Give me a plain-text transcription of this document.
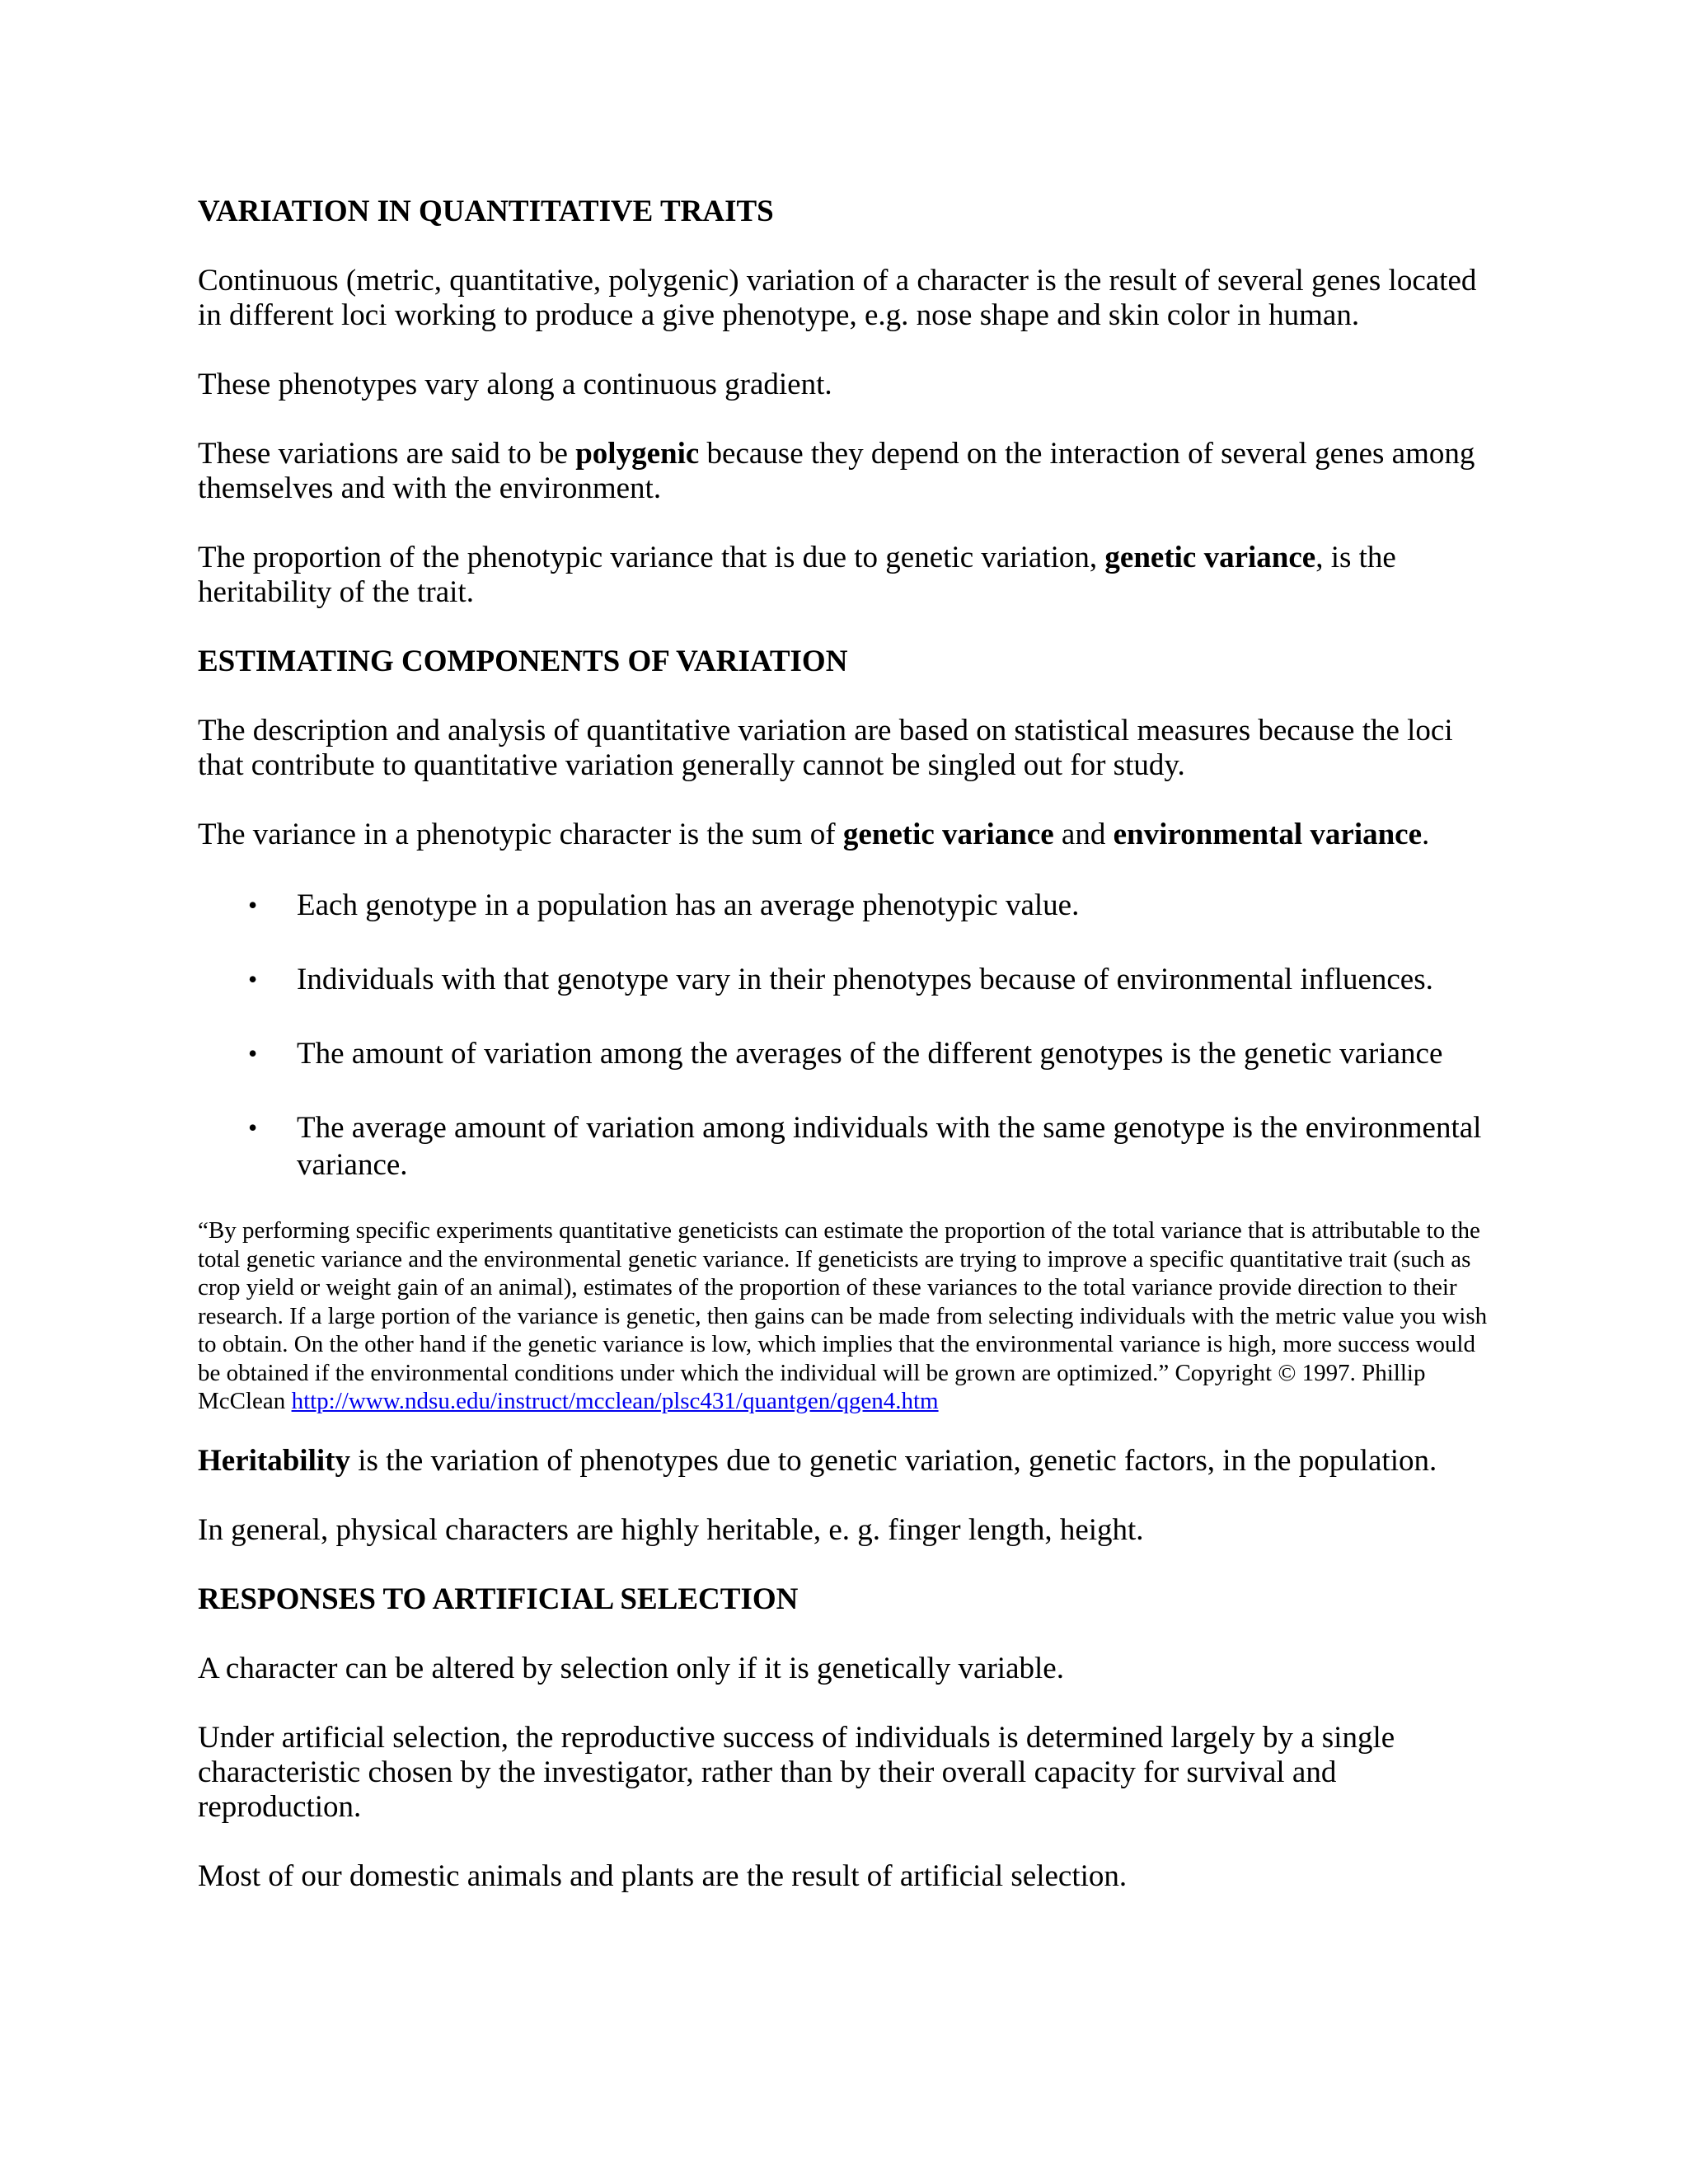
VARIATION IN QUANTITATIVE TRAITS

Continuous (metric, quantitative, polygenic) variation of a character is the result of several genes located in different loci working to produce a give phenotype, e.g. nose shape and skin color in human.

These phenotypes vary along a continuous gradient.

These variations are said to be polygenic because they depend on the interaction of several genes among themselves and with the environment.

The proportion of the phenotypic variance that is due to genetic variation, genetic variance, is the heritability of the trait.

ESTIMATING COMPONENTS OF VARIATION

The description and analysis of quantitative variation are based on statistical measures because the loci that contribute to quantitative variation generally cannot be singled out for study.

The variance in a phenotypic character is the sum of genetic variance and environmental variance.

• Each genotype in a population has an average phenotypic value.
• Individuals with that genotype vary in their phenotypes because of environmental influences.
• The amount of variation among the averages of the different genotypes is the genetic variance
• The average amount of variation among individuals with the same genotype is the environmental variance.

“By performing specific experiments quantitative geneticists can estimate the proportion of the total variance that is attributable to the total genetic variance and the environmental genetic variance. If geneticists are trying to improve a specific quantitative trait (such as crop yield or weight gain of an animal), estimates of the proportion of these variances to the total variance provide direction to their research. If a large portion of the variance is genetic, then gains can be made from selecting individuals with the metric value you wish to obtain. On the other hand if the genetic variance is low, which implies that the environmental variance is high, more success would be obtained if the environmental conditions under which the individual will be grown are optimized.” Copyright © 1997. Phillip McClean http://www.ndsu.edu/instruct/mcclean/plsc431/quantgen/qgen4.htm

Heritability is the variation of phenotypes due to genetic variation, genetic factors, in the population.

In general, physical characters are highly heritable, e. g. finger length, height.

RESPONSES TO ARTIFICIAL SELECTION

A character can be altered by selection only if it is genetically variable.

Under artificial selection, the reproductive success of individuals is determined largely by a single characteristic chosen by the investigator, rather than by their overall capacity for survival and reproduction.

Most of our domestic animals and plants are the result of artificial selection.
